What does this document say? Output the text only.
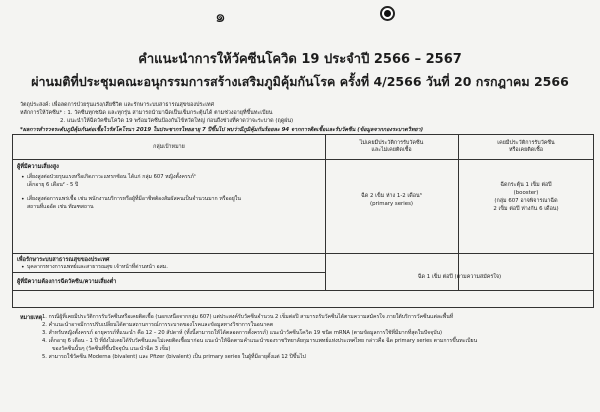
๑
คำแนะนำการให้วัคซีนโควิด 19 ประจำปี 2566 – 2567
ผ่านมติที่ประชุมคณะอนุกรรมการสร้างเสริมภูมิคุ้มกันโรค ครั้งที่ 4/2566 วันที่ 20 กรกฎาคม 2566
วัตถุประสงค์: เพื่อลดการป่วยรุนแรง/เสียชีวิต และรักษาระบบสาธารณสุขของประเทศ
หลักการให้วัคซีน* : 1. วัคซีนทุกชนิด และทุกรุ่น สามารถนำมาฉีดเป็นเข็มกระตุ้นได้ ตามช่วงอายุที่ขึ้นทะเบียน
2. แนะนำให้ฉีดวัคซีนโควิด 19 พร้อมวัคซีนป้องกันไข้หวัดใหญ่ ก่อนถึงช่วงที่คาดว่าจะระบาด (ฤดูฝน)
*ผลการสำรวจระดับภูมิคุ้มกันต่อเชื้อไวรัสโคโรนา 2019 ในประชากรไทยอายุ 7 ปีขึ้นไป พบว่ามีภูมิคุ้มกันร้อยละ 94 จากการติดเชื้อและรับวัคซีน (ข้อมูลจากกองระบาดวิทยา)
กลุ่มเป้าหมาย
ไม่เคยมีประวัติการรับวัคซีน
และไม่เคยติดเชื้อ
เคยมีประวัติการรับวัคซีน
หรือเคยติดเชื้อ
ผู้ที่มีความเสี่ยงสูง
• เสี่ยงสูงต่อป่วยรุนแรงหรือเกิดภาวะแทรกซ้อน ได้แก่ กลุ่ม 607 หญิงตั้งครรภ์¹
เด็กอายุ 6 เดือน² - 5 ปี
• เสี่ยงสูงต่อการแพร่เชื้อ เช่น พนักงานบริการหรือผู้ที่มีอาชีพต้องสัมผัสคนเป็นจำนวนมาก หรืออยู่ใน
สถานที่แออัด เช่น ทัณฑสถาน
ฉีด 2 เข็ม ห่าง 1-2 เดือน³
(primary series)
ฉีดกระตุ้น 1 เข็ม ต่อปี
(booster)
(กลุ่ม 607 อาจพิจารณาฉีด
2 เข็ม ต่อปี ห่างกัน 6 เดือน)
เพื่อรักษาระบบสาธารณสุขของประเทศ
• บุคลากรทางการแพทย์และสาธารณสุข เจ้าหน้าที่ด่านหน้า อสม.
ผู้ที่มีความต้องการฉีดวัคซีน/ความเสี่ยงต่ำ
ฉีด 1 เข็ม ต่อปี (ตามความสมัครใจ)
หมายเหตุ 1. กรณีผู้ที่เคยมีประวัติการรับวัคซีนหรือเคยติดเชื้อ (นอกเหนือจากกลุ่ม 607) แต่ประสงค์รับวัคซีนจำนวน 2 เข็มต่อปี สามารถรับวัคซีนได้ตามความสมัครใจ ภายใต้บริการวัคซีนแต่ละพื้นที่
2. คำแนะนำอาจมีการปรับเปลี่ยนได้ตามสถานการณ์การระบาดของโรคและข้อมูลทางวิชาการในอนาคต
3. สำหรับหญิงตั้งครรภ์ อายุครรภ์ที่แนะนำ คือ 12 – 20 สัปดาห์ (ทั้งนี้สามารถให้ได้ตลอดการตั้งครรภ์) แนะนำวัคซีนโควิด 19 ชนิด mRNA (ตามข้อมูลการใช้ที่มีมากที่สุดในปัจจุบัน)
4. เด็กอายุ 6 เดือน - 1 ปี ที่ยังไม่เคยได้รับวัคซีนและไม่เคยติดเชื้อมาก่อน แนะนำให้ฉีดตามคำแนะนำของราชวิทยาลัยกุมารแพทย์แห่งประเทศไทย กล่าวคือ ฉีด primary series ตามการขึ้นทะเบียน
ของวัคซีนนั้นๆ (วัคซีนที่ขึ้นปัจจุบัน แนะนำฉีด 3 เข็ม)
5. สามารถใช้วัคซีน Moderna (bivalent) และ Pfizer (bivalent) เป็น primary series ในผู้ที่มีอายุตั้งแต่ 12 ปีขึ้นไป
